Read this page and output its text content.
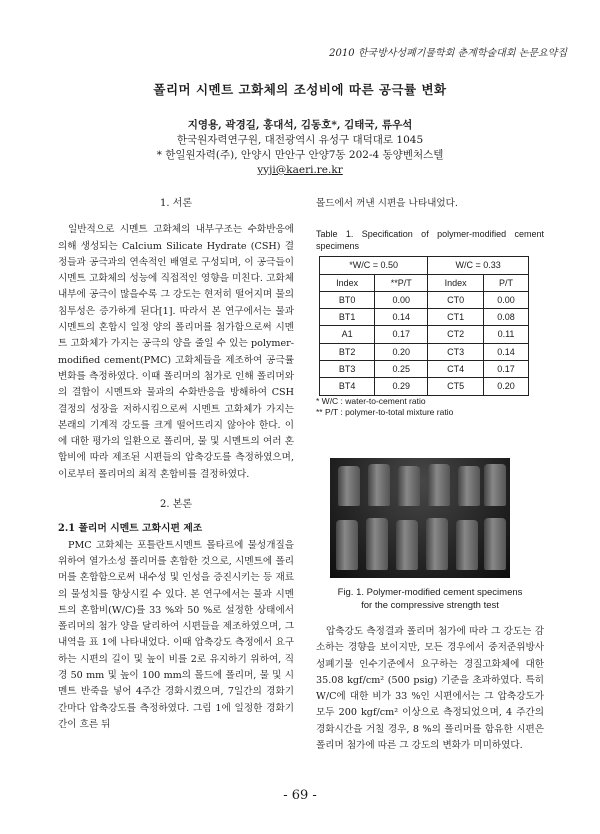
2010 한국방사성폐기물학회 춘계학술대회 논문요약집
폴리머 시멘트 고화체의 조성비에 따른 공극률 변화
지영용, 곽경길, 홍대석, 김동호*, 김태국, 류우석
한국원자력연구원, 대전광역시 유성구 대덕대로 1045
* 한일원자력(주), 안양시 만안구 안양7동 202-4 동양벤처스텔
yyji@kaeri.re.kr

1. 서론

일반적으로 시멘트 고화체의 내부구조는 수화반응에 의해 생성되는 Calcium Silicate Hydrate (CSH) 결정들과 공극과의 연속적인 배열로 구성되며, 이 공극들이 시멘트 고화체의 성능에 직접적인 영향을 미친다. 고화체 내부에 공극이 많을수록 그 강도는 현저히 떨어지며 물의 침투성은 증가하게 된다[1]. 따라서 본 연구에서는 물과 시멘트의 혼합시 일정 양의 폴리머를 첨가함으로써 시멘트 고화체가 가지는 공극의 양을 줄일 수 있는 polymer-modified cement(PMC) 고화체들을 제조하여 공극률 변화를 측정하였다. 이때 폴리머의 첨가로 인해 폴리머와의 결합이 시멘트와 물과의 수화반응을 방해하여 CSH 결정의 성장을 저하시킴으로써 시멘트 고화체가 가지는 본래의 기계적 강도를 크게 떨어뜨리지 않아야 한다. 이에 대한 평가의 일환으로 폴리머, 물 및 시멘트의 여러 혼합비에 따라 제조된 시편들의 압축강도를 측정하였으며, 이로부터 폴리머의 최적 혼합비를 결정하였다.

2. 본론

2.1 폴리머 시멘트 고화시편 제조

PMC 고화체는 포틀란트시멘트 몰타르에 물성개질을 위하여 열가소성 폴리머를 혼합한 것으로, 시멘트에 폴리머를 혼합함으로써 내수성 및 인성을 증진시키는 등 재료의 물성치를 향상시킬 수 있다. 본 연구에서는 물과 시멘트의 혼합비(W/C)를 33 %와 50 %로 설정한 상태에서 폴리머의 첨가 양을 달리하여 시편들을 제조하였으며, 그 내역을 표 1에 나타내었다. 이때 압축강도 측정에서 요구하는 시편의 길이 및 높이 비를 2로 유지하기 위하여, 직경 50 mm 및 높이 100 mm의 몰드에 폴리머, 물 및 시멘트 반죽을 넣어 4주간 경화시켰으며, 7일간의 경화기간마다 압축강도를 측정하였다. 그림 1에 일정한 경화기간이 흐른 뒤

몰드에서 꺼낸 시편을 나타내었다.

Table 1. Specification of polymer-modified cement specimens

*W/C = 0.50		W/C = 0.33	
Index	**P/T	Index	P/T
BT0	0.00	CT0	0.00
BT1	0.14	CT1	0.08
A1	0.17	CT2	0.11
BT2	0.20	CT3	0.14
BT3	0.25	CT4	0.17
BT4	0.29	CT5	0.20
* W/C : water-to-cement ratio
** P/T : polymer-to-total mixture ratio
Fig. 1. Polymer-modified cement specimens
for the compressive strength test

압축강도 측정결과 폴리머 첨가에 따라 그 강도는 감소하는 경향을 보이지만, 모든 경우에서 중저준위방사성폐기물 인수기준에서 요구하는 경질고화체에 대한 35.08 kgf/cm² (500 psig) 기준을 초과하였다. 특히 W/C에 대한 비가 33 %인 시편에서는 그 압축강도가 모두 200 kgf/cm² 이상으로 측정되었으며, 4 주간의 경화시간을 거칠 경우, 8 %의 폴리머를 함유한 시편은 폴리머 첨가에 따른 그 강도의 변화가 미미하였다.

- 69 -
